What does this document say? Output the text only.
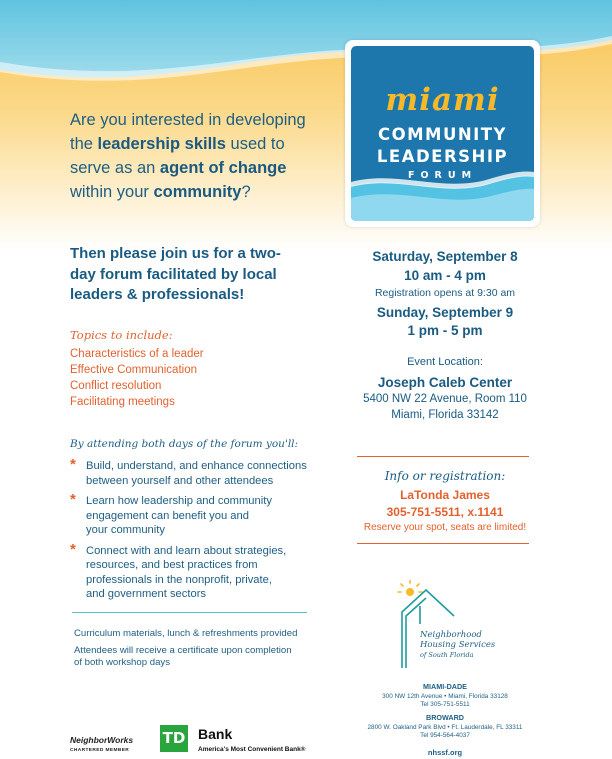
Are you interested in developing
the leadership skills used to
serve as an agent of change
within your community?
miami
COMMUNITY
LEADERSHIP
FORUM
Then please join us for a two-
day forum facilitated by local
leaders & professionals!
Topics to include:
Characteristics of a leader
Effective Communication
Conflict resolution
Facilitating meetings
By attending both days of the forum you'll:
* Build, understand, and enhance connections
between yourself and other attendees
* Learn how leadership and community
engagement can benefit you and
your community
* Connect with and learn about strategies,
resources, and best practices from
professionals in the nonprofit, private,
and government sectors
Curriculum materials, lunch & refreshments provided
Attendees will receive a certificate upon completion
of both workshop days
Saturday, September 8
10 am - 4 pm
Registration opens at 9:30 am
Sunday, September 9
1 pm - 5 pm
Event Location:
Joseph Caleb Center
5400 NW 22 Avenue, Room 110
Miami, Florida 33142
Info or registration:
LaTonda James
305-751-5511, x.1141
Reserve your spot, seats are limited!
Neighborhood
Housing Services
of South Florida
MIAMI-DADE
300 NW 12th Avenue • Miami, Florida 33128
Tel 305-751-5511
BROWARD
2800 W. Oakland Park Blvd • Ft. Lauderdale, FL 33311
Tel 954-564-4037
nhssf.org
NeighborWorks
CHARTERED MEMBER
TD Bank
America's Most Convenient Bank®
